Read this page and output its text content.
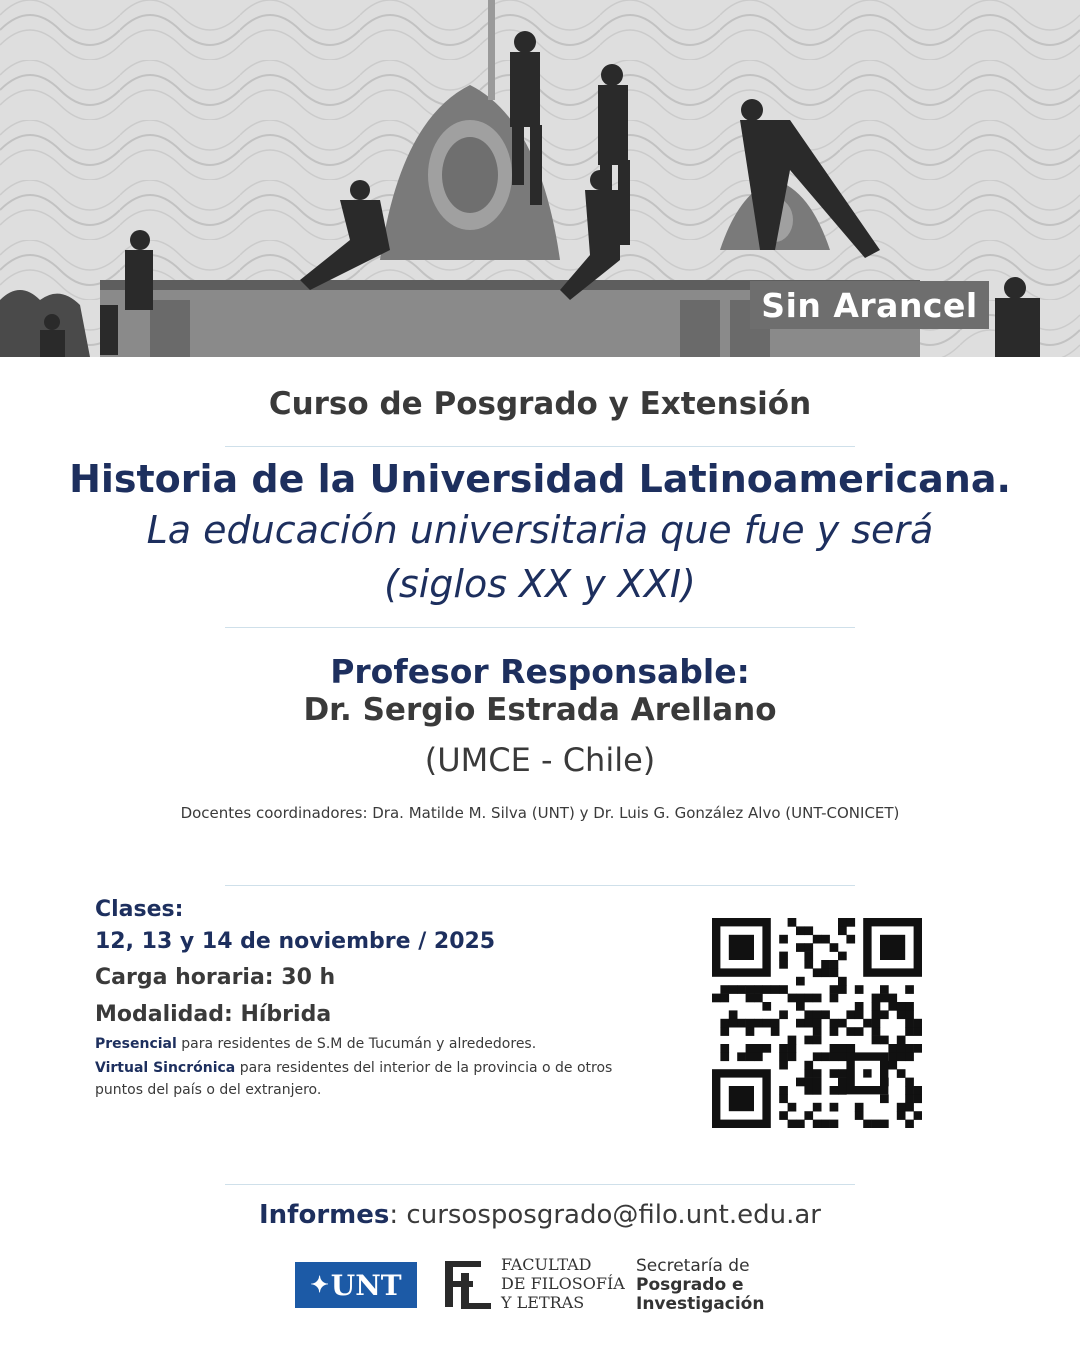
Sin Arancel
Curso de Posgrado y Extensión
Historia de la Universidad Latinoamericana.
La educación universitaria que fue y será
(siglos XX y XXI)
Profesor Responsable:
Dr. Sergio Estrada Arellano
(UMCE - Chile)
Docentes coordinadores: Dra. Matilde M. Silva (UNT) y Dr. Luis G. González Alvo (UNT-CONICET)
Clases:
12, 13 y 14 de noviembre / 2025
Carga horaria: 30 h
Modalidad: Híbrida
Presencial para residentes de S.M de Tucumán y alrededores.
Virtual Sincrónica para residentes del interior de la provincia o de otros puntos del país o del extranjero.
Informes: cursosposgrado@filo.unt.edu.ar
✦ UNT
FACULTAD
DE FILOSOFÍA
Y LETRAS
Secretaría de
Posgrado e
Investigación
